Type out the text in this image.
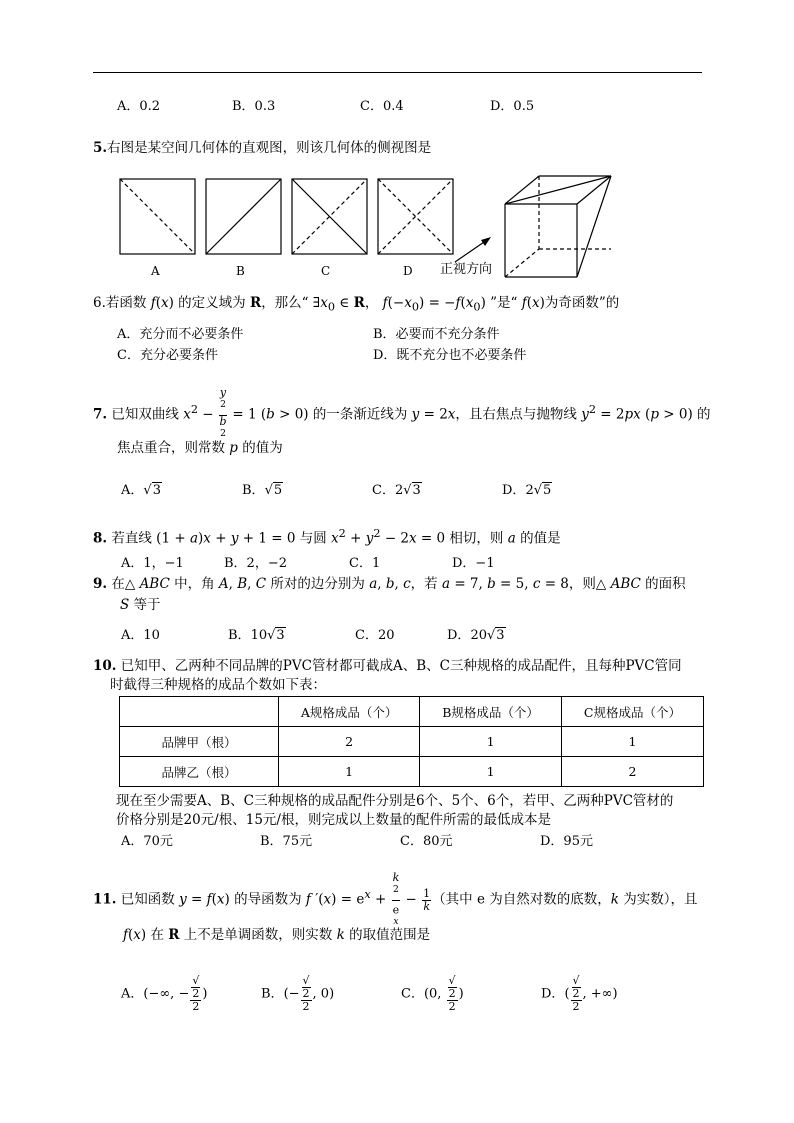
A．0.2	B．0.3	C．0.4	D．0.5
5.右图是某空间几何体的直观图，则该几何体的侧视图是
A	B	C	D 正视方向
6.若函数 f(x) 的定义域为 R，那么“ $\exists x_0$ ∈ R， $f(-x_0) = -f(x_0)$ ”是“ f(x)为奇函数”的
A．充分而不必要条件	B．必要而不充分条件
C．充分必要条件	D．既不充分也不必要条件
7. 已知双曲线 $x^2 - y$
$^2$
b
$^2$ = 1 (b > 0) 的一条渐近线为 y = 2x，且右焦点与抛物线 $y^2 = 2px$ (p > 0) 的
焦点重合，则常数 p 的值为
A．√3	B．√5	C．2√3	D．2√5
8. 若直线 (1 + a)x + y + 1 = 0 与圆 $x^2 + y^2 - 2x = 0$ 相切，则 a 的值是
A．1，−1	B．2，−2	C．1	D．−1
9. 在△ ABC 中，角 A, B, C 所对的边分别为 a, b, c，若 a = 7, b = 5, c = 8，则△ ABC 的面积
S 等于
A．10	B．10√3	C．20	D．20√3
10. 已知甲、乙两种不同品牌的PVC管材都可截成A、B、C三种规格的成品配件，且每种PVC管同
时截得三种规格的成品个数如下表：
	A规格成品（个）	B规格成品（个）	C规格成品（个）
品牌甲（根）	2	1	1
品牌乙（根）	1	1	2
现在至少需要A、B、C三种规格的成品配件分别是6个、5个、6个，若甲、乙两种PVC管材的
价格分别是20元/根、15元/根，则完成以上数量的配件所需的最低成本是
A．70元	B．75元	C．80元	D．95元
11. 已知函数 y = f(x) 的导函数为 f $'(x) = e^x + k$
$^2$
e
$^x - \frac{1}{k}$ （其中 e 为自然对数的底数，k 为实数），且
f(x) 在 R 上不是单调函数，则实数 k 的取值范围是
A．(−∞, − √
2
2 )	B．(− √
2
2 , 0)	C．(0, √
2
2 )	D．( √
2
2 , +∞)
